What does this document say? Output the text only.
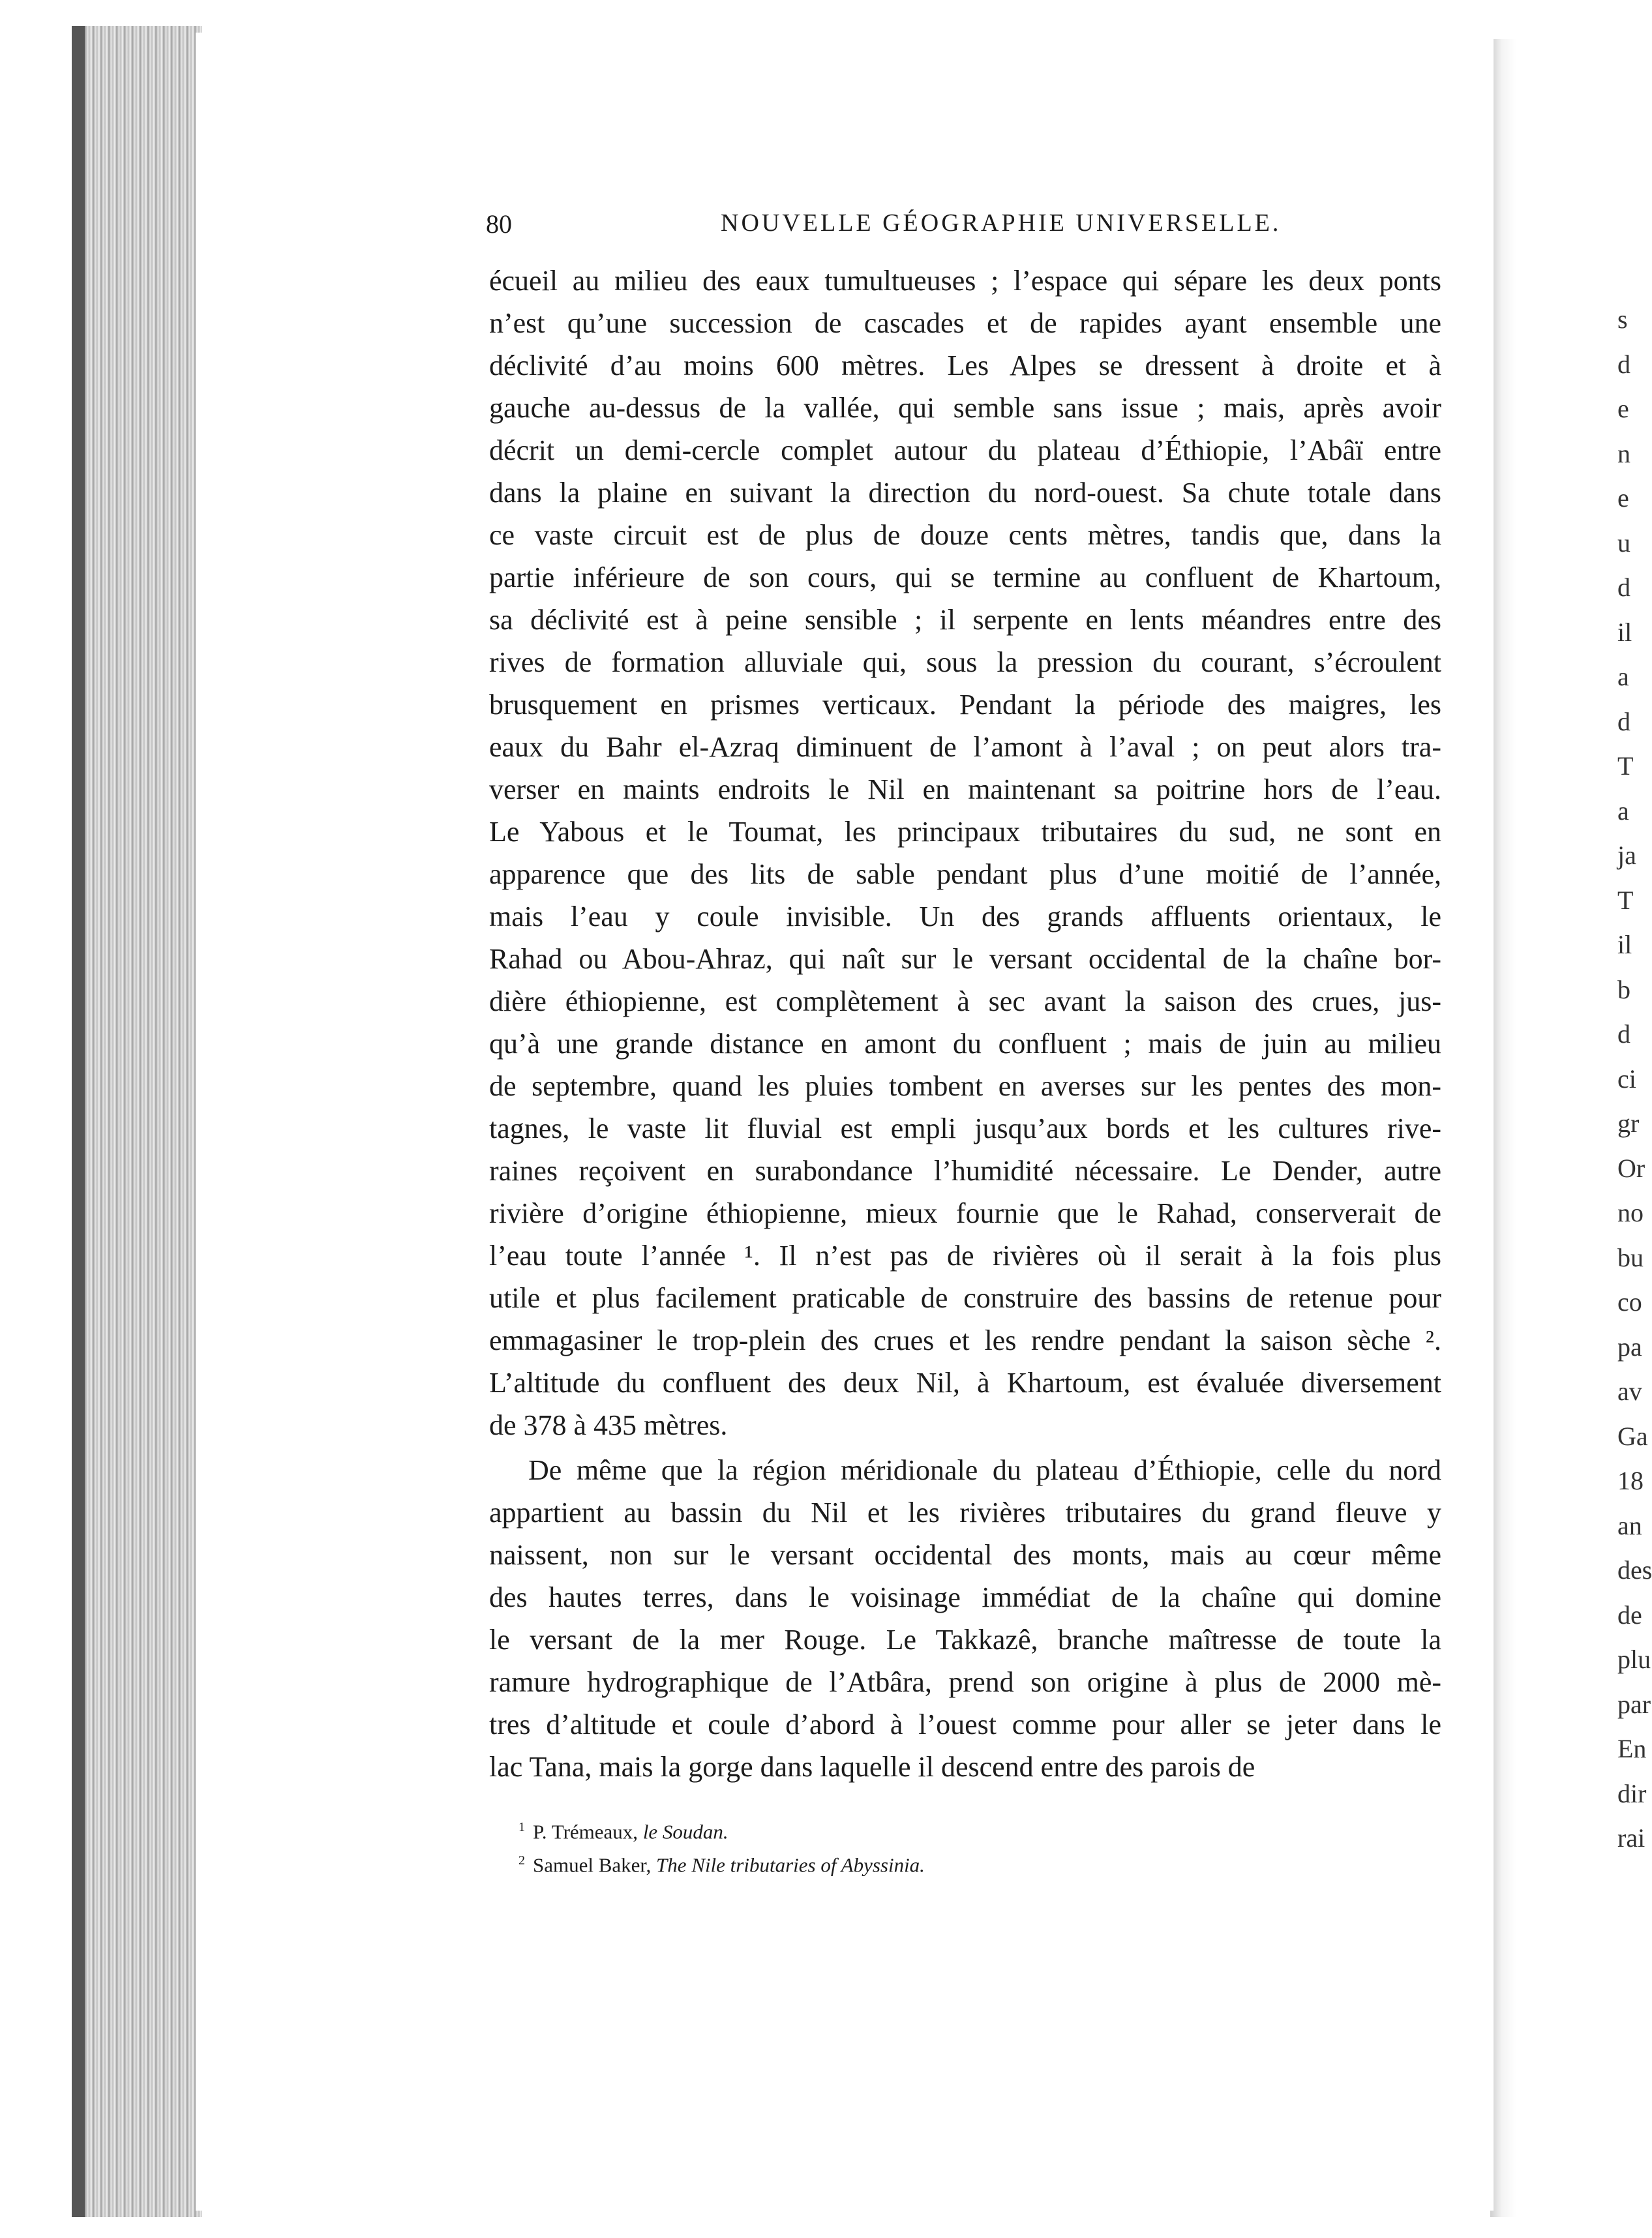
80	NOUVELLE GÉOGRAPHIE UNIVERSELLE.
écueil au milieu des eaux tumultueuses ; l’espace qui sépare les deux ponts
n’est qu’une succession de cascades et de rapides ayant ensemble une
déclivité d’au moins 600 mètres. Les Alpes se dressent à droite et à
gauche au-dessus de la vallée, qui semble sans issue ; mais, après avoir
décrit un demi-cercle complet autour du plateau d’Éthiopie, l’Abâï entre
dans la plaine en suivant la direction du nord-ouest. Sa chute totale dans
ce vaste circuit est de plus de douze cents mètres, tandis que, dans la
partie inférieure de son cours, qui se termine au confluent de Khartoum,
sa déclivité est à peine sensible ; il serpente en lents méandres entre des
rives de formation alluviale qui, sous la pression du courant, s’écroulent
brusquement en prismes verticaux. Pendant la période des maigres, les
eaux du Bahr el-Azraq diminuent de l’amont à l’aval ; on peut alors tra-
verser en maints endroits le Nil en maintenant sa poitrine hors de l’eau.
Le Yabous et le Toumat, les principaux tributaires du sud, ne sont en
apparence que des lits de sable pendant plus d’une moitié de l’année,
mais l’eau y coule invisible. Un des grands affluents orientaux, le
Rahad ou Abou-Ahraz, qui naît sur le versant occidental de la chaîne bor-
dière éthiopienne, est complètement à sec avant la saison des crues, jus-
qu’à une grande distance en amont du confluent ; mais de juin au milieu
de septembre, quand les pluies tombent en averses sur les pentes des mon-
tagnes, le vaste lit fluvial est empli jusqu’aux bords et les cultures rive-
raines reçoivent en surabondance l’humidité nécessaire. Le Dender, autre
rivière d’origine éthiopienne, mieux fournie que le Rahad, conserverait de
l’eau toute l’année ¹. Il n’est pas de rivières où il serait à la fois plus
utile et plus facilement praticable de construire des bassins de retenue pour
emmagasiner le trop-plein des crues et les rendre pendant la saison sèche ².
L’altitude du confluent des deux Nil, à Khartoum, est évaluée diversement
de 378 à 435 mètres.
De même que la région méridionale du plateau d’Éthiopie, celle du nord
appartient au bassin du Nil et les rivières tributaires du grand fleuve y
naissent, non sur le versant occidental des monts, mais au cœur même
des hautes terres, dans le voisinage immédiat de la chaîne qui domine
le versant de la mer Rouge. Le Takkazê, branche maîtresse de toute la
ramure hydrographique de l’Atbâra, prend son origine à plus de 2000 mè-
tres d’altitude et coule d’abord à l’ouest comme pour aller se jeter dans le
lac Tana, mais la gorge dans laquelle il descend entre des parois de
$^1$ P. Trémeaux, le Soudan.
$^2$ Samuel Baker, The Nile tributaries of Abyssinia.
s
d
e
n
e
u
d
il
a
d
T
a
ja
T
il
b
d
ci
gr
Or
no
bu
co
pa
av
Ga
18
an
des
de
plu
par
En
dir
rai
